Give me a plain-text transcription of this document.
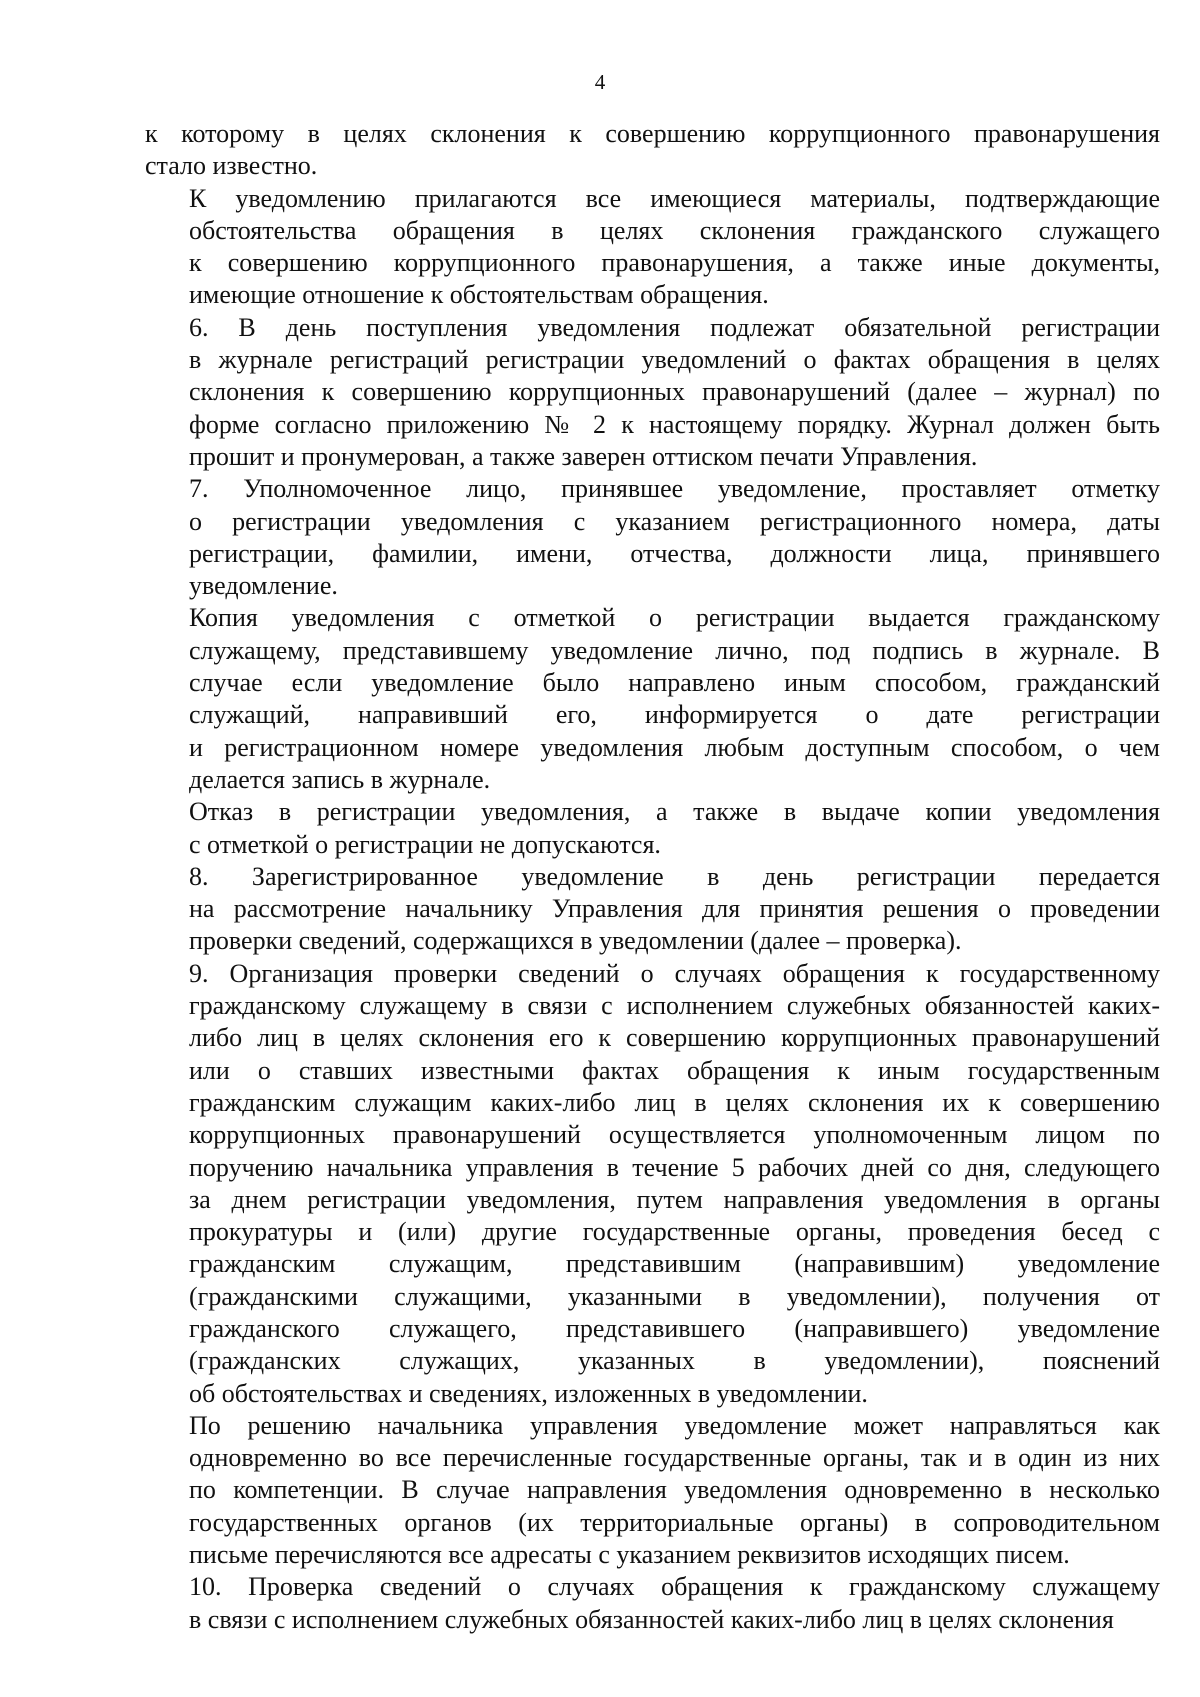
4

к которому в целях склонения к совершению коррупционного правонарушения
стало известно.

К уведомлению прилагаются все имеющиеся материалы, подтверждающие
обстоятельства обращения в целях склонения гражданского служащего
к совершению коррупционного правонарушения, а также иные документы,
имеющие отношение к обстоятельствам обращения.

6. В день поступления уведомления подлежат обязательной регистрации
в журнале регистраций регистрации уведомлений о фактах обращения в целях
склонения к совершению коррупционных правонарушений (далее – журнал) по
форме согласно приложению № 2 к настоящему порядку. Журнал должен быть
прошит и пронумерован, а также заверен оттиском печати Управления.

7. Уполномоченное лицо, принявшее уведомление, проставляет отметку
о регистрации уведомления с указанием регистрационного номера, даты
регистрации, фамилии, имени, отчества, должности лица, принявшего
уведомление.

Копия уведомления с отметкой о регистрации выдается гражданскому
служащему, представившему уведомление лично, под подпись в журнале. В
случае если уведомление было направлено иным способом, гражданский
служащий, направивший его, информируется о дате регистрации
и регистрационном номере уведомления любым доступным способом, о чем
делается запись в журнале.

Отказ в регистрации уведомления, а также в выдаче копии уведомления
с отметкой о регистрации не допускаются.

8. Зарегистрированное уведомление в день регистрации передается
на рассмотрение начальнику Управления для принятия решения о проведении
проверки сведений, содержащихся в уведомлении (далее – проверка).

9. Организация проверки сведений о случаях обращения к государственному
гражданскому служащему в связи с исполнением служебных обязанностей каких-
либо лиц в целях склонения его к совершению коррупционных правонарушений
или о ставших известными фактах обращения к иным государственным
гражданским служащим каких-либо лиц в целях склонения их к совершению
коррупционных правонарушений осуществляется уполномоченным лицом по
поручению начальника управления в течение 5 рабочих дней со дня, следующего
за днем регистрации уведомления, путем направления уведомления в органы
прокуратуры и (или) другие государственные органы, проведения бесед с
гражданским служащим, представившим (направившим) уведомление
(гражданскими служащими, указанными в уведомлении), получения от
гражданского служащего, представившего (направившего) уведомление
(гражданских служащих, указанных в уведомлении), пояснений
об обстоятельствах и сведениях, изложенных в уведомлении.

По решению начальника управления уведомление может направляться как
одновременно во все перечисленные государственные органы, так и в один из них
по компетенции. В случае направления уведомления одновременно в несколько
государственных органов (их территориальные органы) в сопроводительном
письме перечисляются все адресаты с указанием реквизитов исходящих писем.

10. Проверка сведений о случаях обращения к гражданскому служащему
в связи с исполнением служебных обязанностей каких-либо лиц в целях склонения
